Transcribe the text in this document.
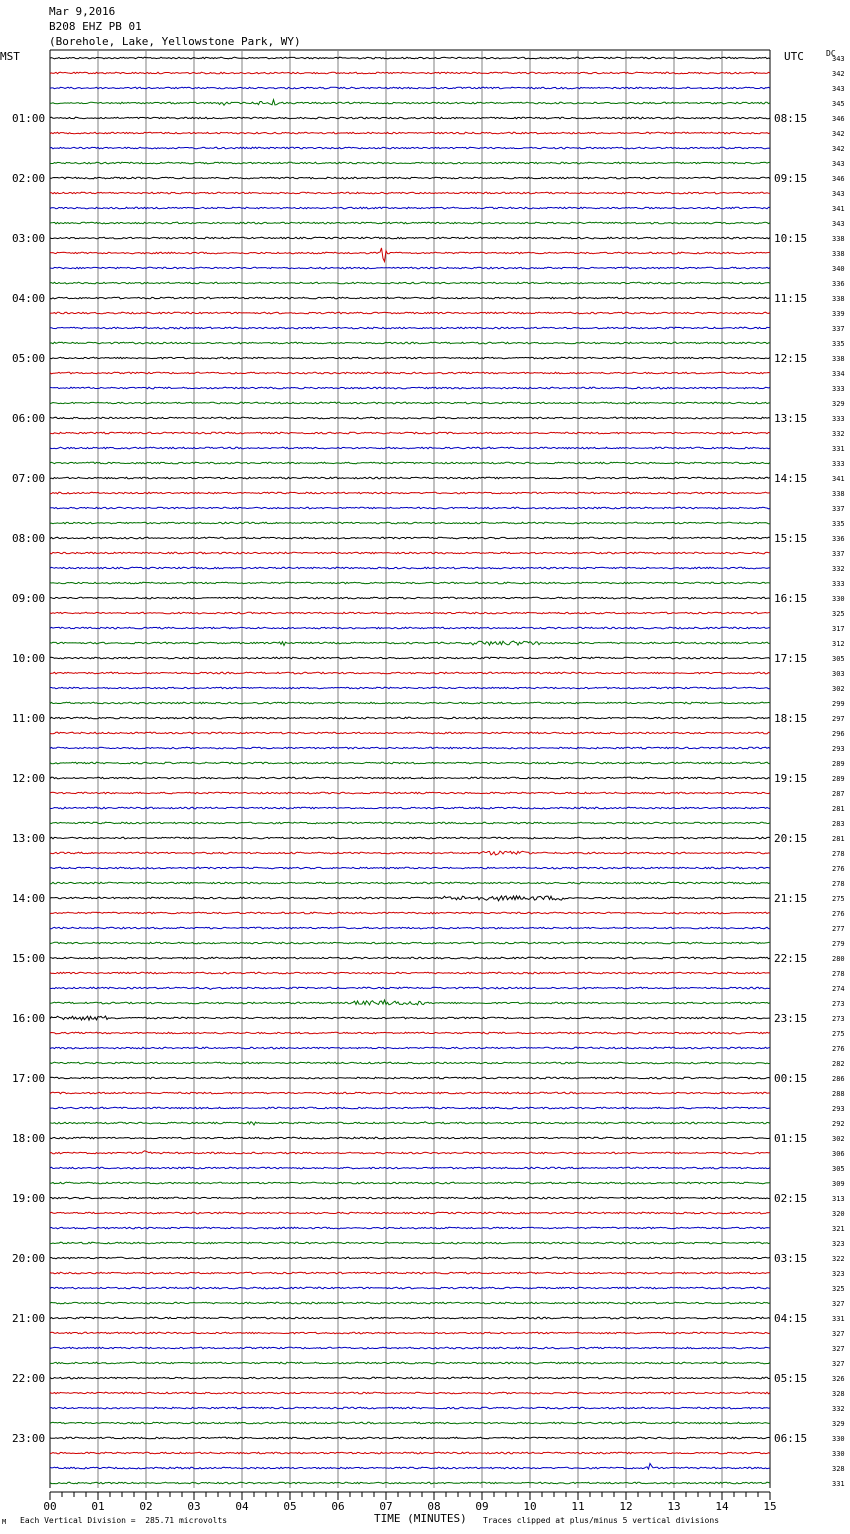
Mar 9,2016
B208 EHZ PB 01
(Borehole, Lake, Yellowstone Park, WY)
MST	UTC	DC
343
342
343
345
346
342
342
343
346
343
341
343
338
338
340
336
338
339
337
335
338
334
333
329
333
332
331
333
341
338
337
335
336
337
332
333
330
325
317
312
305
303
302
299
297
296
293
289
289
287
281
283
281
278
276
278
275
276
277
279
280
278
274
273
273
275
276
282
286
288
293
292
302
306
305
309
313
320
321
323
322
323
325
327
331
327
327
327
326
328
332
329
330
330
328
331
01:00	08:15
02:00	09:15
03:00	10:15
04:00	11:15
05:00	12:15
06:00	13:15
07:00	14:15
08:00	15:15
09:00	16:15
10:00	17:15
11:00	18:15
12:00	19:15
13:00	20:15
14:00	21:15
15:00	22:15
16:00	23:15
17:00	00:15
18:00	01:15
19:00	02:15
20:00	03:15
21:00	04:15
22:00	05:15
23:00	06:15
00	01	02	03	04	05	06	07	08	09	10	11	12	13	14	15
M Each Vertical Division =  285.71 microvolts	TIME (MINUTES) Traces clipped at plus/minus 5 vertical divisions
